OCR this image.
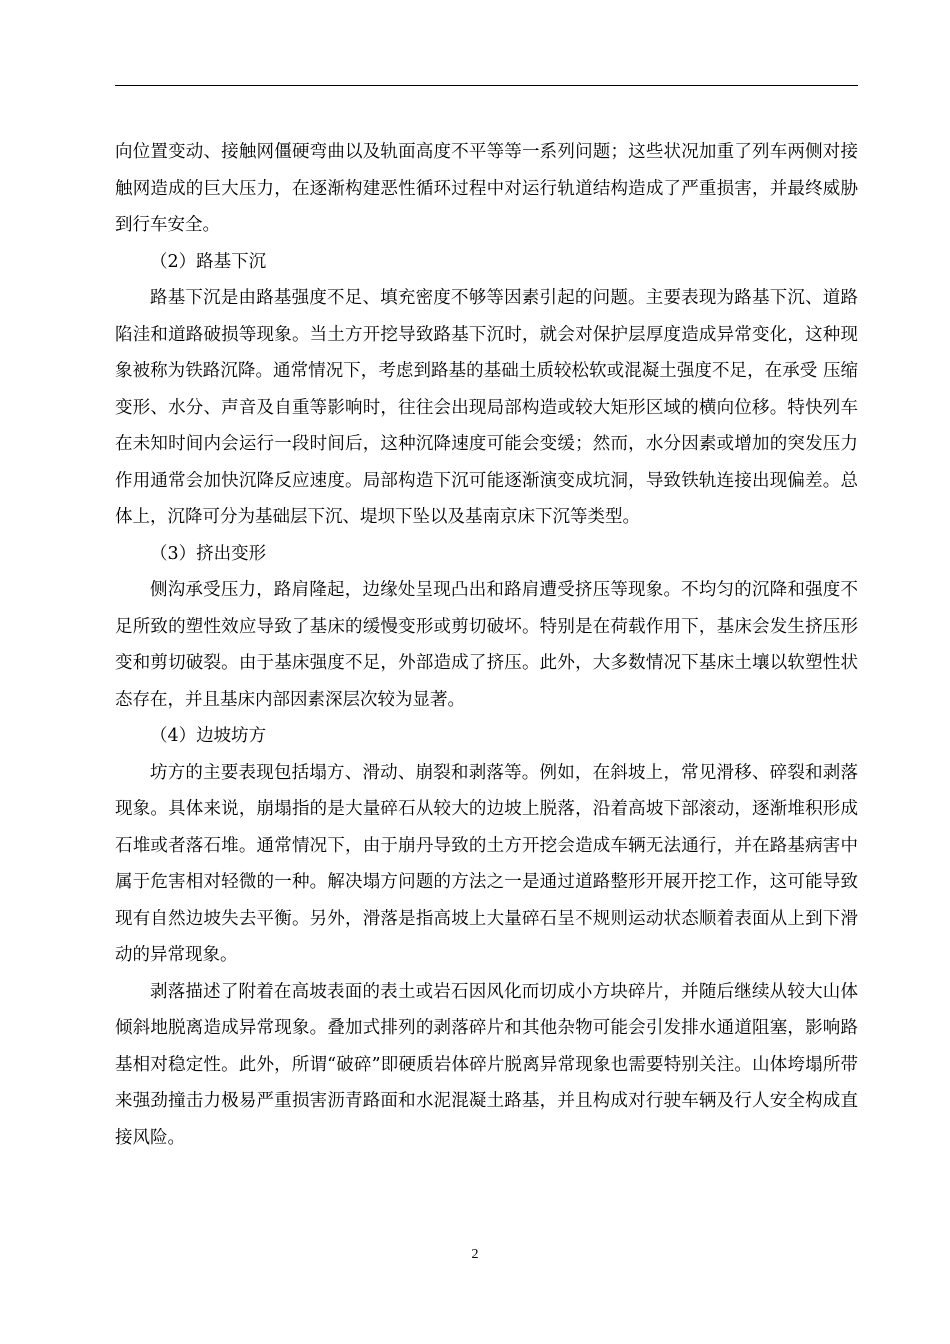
向位置变动、接触网僵硬弯曲以及轨面高度不平等等一系列问题；这些状况加重了列车两侧对接触网造成的巨大压力，在逐渐构建恶性循环过程中对运行轨道结构造成了严重损害，并最终威胁到行车安全。

（2）路基下沉

路基下沉是由路基强度不足、填充密度不够等因素引起的问题。主要表现为路基下沉、道路陷洼和道路破损等现象。当土方开挖导致路基下沉时，就会对保护层厚度造成异常变化，这种现象被称为铁路沉降。通常情况下，考虑到路基的基础土质较松软或混凝土强度不足，在承受 压缩变形、水分、声音及自重等影响时，往往会出现局部构造或较大矩形区域的横向位移。特快列车在未知时间内会运行一段时间后，这种沉降速度可能会变缓；然而，水分因素或增加的突发压力作用通常会加快沉降反应速度。局部构造下沉可能逐渐演变成坑洞，导致铁轨连接出现偏差。总体上，沉降可分为基础层下沉、堤坝下坠以及基南京床下沉等类型。

（3）挤出变形

侧沟承受压力，路肩隆起，边缘处呈现凸出和路肩遭受挤压等现象。不均匀的沉降和强度不足所致的塑性效应导致了基床的缓慢变形或剪切破坏。特别是在荷载作用下，基床会发生挤压形变和剪切破裂。由于基床强度不足，外部造成了挤压。此外，大多数情况下基床土壤以软塑性状态存在，并且基床内部因素深层次较为显著。

（4）边坡坊方

坊方的主要表现包括塌方、滑动、崩裂和剥落等。例如，在斜坡上，常见滑移、碎裂和剥落现象。具体来说，崩塌指的是大量碎石从较大的边坡上脱落，沿着高坡下部滚动，逐渐堆积形成石堆或者落石堆。通常情况下，由于崩丹导致的土方开挖会造成车辆无法通行，并在路基病害中属于危害相对轻微的一种。解决塌方问题的方法之一是通过道路整形开展开挖工作，这可能导致现有自然边坡失去平衡。另外，滑落是指高坡上大量碎石呈不规则运动状态顺着表面从上到下滑动的异常现象。

剥落描述了附着在高坡表面的表土或岩石因风化而切成小方块碎片，并随后继续从较大山体倾斜地脱离造成异常现象。叠加式排列的剥落碎片和其他杂物可能会引发排水通道阻塞，影响路基相对稳定性。此外，所谓“破碎”即硬质岩体碎片脱离异常现象也需要特别关注。山体垮塌所带来强劲撞击力极易严重损害沥青路面和水泥混凝土路基，并且构成对行驶车辆及行人安全构成直接风险。

2
